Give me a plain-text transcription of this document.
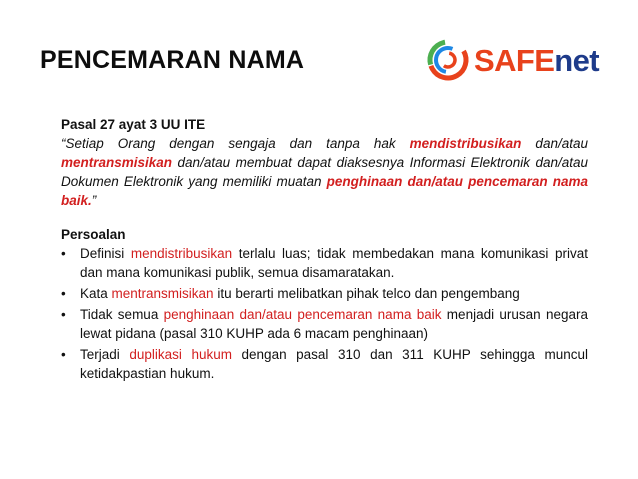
PENCEMARAN NAMA	SAFEnet

Pasal 27 ayat 3 UU ITE

“Setiap Orang dengan sengaja dan tanpa hak mendistribusikan dan/atau mentransmisikan dan/atau membuat dapat diaksesnya Informasi Elektronik dan/atau Dokumen Elektronik yang memiliki muatan penghinaan dan/atau pencemaran nama baik.”

Persoalan

• Definisi mendistribusikan terlalu luas; tidak membedakan mana komunikasi privat dan mana komunikasi publik, semua disamaratakan.
• Kata mentransmisikan itu berarti melibatkan pihak telco dan pengembang
• Tidak semua penghinaan dan/atau pencemaran nama baik menjadi urusan negara lewat pidana (pasal 310 KUHP ada 6 macam penghinaan)
• Terjadi duplikasi hukum dengan pasal 310 dan 311 KUHP sehingga muncul ketidakpastian hukum.
